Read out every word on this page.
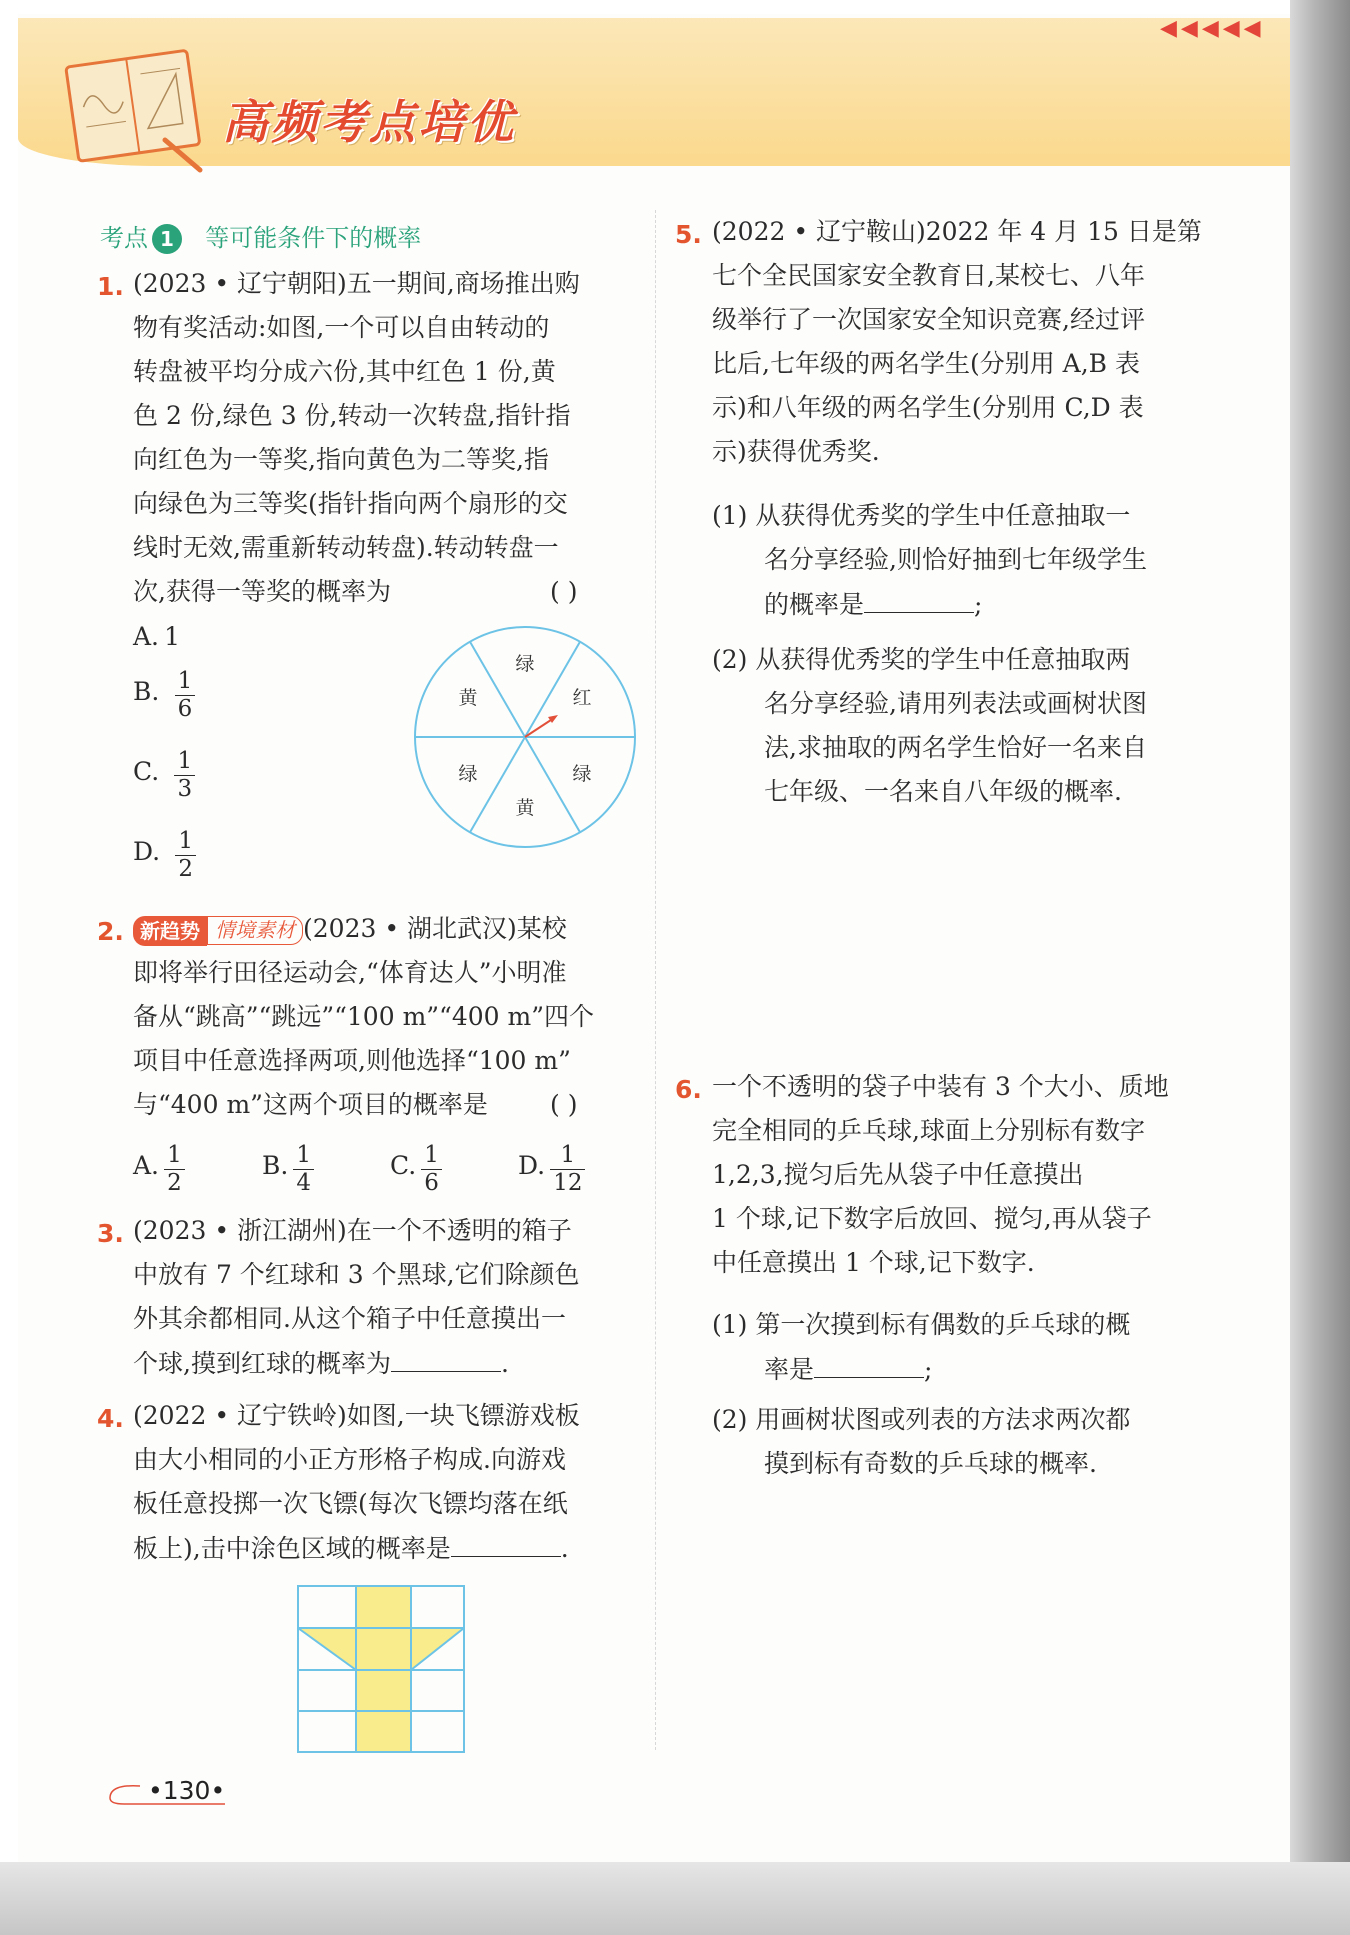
高频考点培优
◀◀◀◀◀
考点 1 等可能条件下的概率
1. (2023 • 辽宁朝阳)五一期间,商场推出购
物有奖活动:如图,一个可以自由转动的
转盘被平均分成六份,其中红色 1 份,黄
色 2 份,绿色 3 份,转动一次转盘,指针指
向红色为一等奖,指向黄色为二等奖,指
向绿色为三等奖(指针指向两个扇形的交
线时无效,需重新转动转盘).转动转盘一
次,获得一等奖的概率为	( )
A. 1
B. $\frac{1}{6}$
C. $\frac{1}{3}$
D. $\frac{1}{2}$
绿
红
绿
黄
绿
黄
2. 新趋势 情境素材 (2023 • 湖北武汉)某校
即将举行田径运动会,“体育达人”小明准
备从“跳高”“跳远”“100 m”“400 m”四个
项目中任意选择两项,则他选择“100 m”
与“400 m”这两个项目的概率是	( )
A. $\frac{1}{2}$	B. $\frac{1}{4}$	C. $\frac{1}{6}$	D. $\frac{1}{12}$
3. (2023 • 浙江湖州)在一个不透明的箱子
中放有 7 个红球和 3 个黑球,它们除颜色
外其余都相同.从这个箱子中任意摸出一
个球,摸到红球的概率为	.
4. (2022 • 辽宁铁岭)如图,一块飞镖游戏板
由大小相同的小正方形格子构成.向游戏
板任意投掷一次飞镖(每次飞镖均落在纸
板上),击中涂色区域的概率是	.
5. (2022 • 辽宁鞍山)2022 年 4 月 15 日是第
七个全民国家安全教育日,某校七、八年
级举行了一次国家安全知识竞赛,经过评
比后,七年级的两名学生(分别用 A,B 表
示)和八年级的两名学生(分别用 C,D 表
示)获得优秀奖.
(1) 从获得优秀奖的学生中任意抽取一
名分享经验,则恰好抽到七年级学生
的概率是	;
(2) 从获得优秀奖的学生中任意抽取两
名分享经验,请用列表法或画树状图
法,求抽取的两名学生恰好一名来自
七年级、一名来自八年级的概率.
6. 一个不透明的袋子中装有 3 个大小、质地
完全相同的乒乓球,球面上分别标有数字
1,2,3,搅匀后先从袋子中任意摸出
1 个球,记下数字后放回、搅匀,再从袋子
中任意摸出 1 个球,记下数字.
(1) 第一次摸到标有偶数的乒乓球的概
率是	;
(2) 用画树状图或列表的方法求两次都
摸到标有奇数的乒乓球的概率.
•130•
